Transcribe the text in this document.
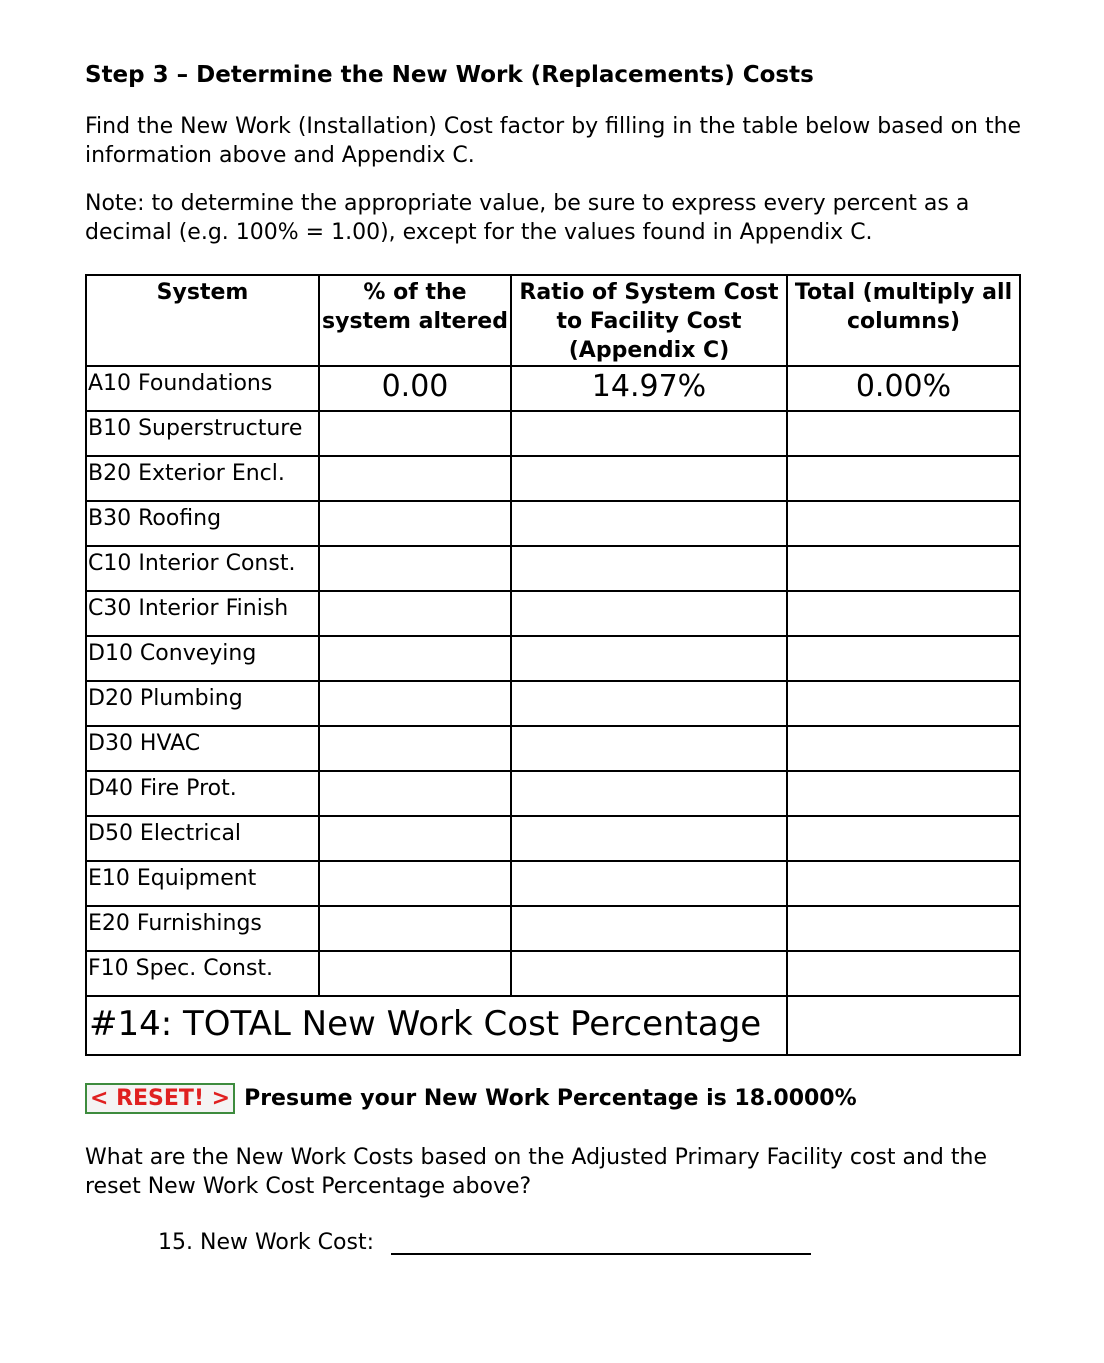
Step 3 – Determine the New Work (Replacements) Costs

Find the New Work (Installation) Cost factor by filling in the table below based on the information above and Appendix C.

Note: to determine the appropriate value, be sure to express every percent as a decimal (e.g. 100% = 1.00), except for the values found in Appendix C.

System	% of the system altered	Ratio of System Cost to Facility Cost (Appendix C)	Total (multiply all columns)
A10 Foundations	0.00	14.97%	0.00%
B10 Superstructure			
B20 Exterior Encl.			
B30 Roofing			
C10 Interior Const.			
C30 Interior Finish			
D10 Conveying			
D20 Plumbing			
D30 HVAC			
D40 Fire Prot.			
D50 Electrical			
E10 Equipment			
E20 Furnishings			
F10 Spec. Const.			
#14: TOTAL New Work Cost Percentage			
< RESET! > Presume your New Work Percentage is 18.0000%

What are the New Work Costs based on the Adjusted Primary Facility cost and the reset New Work Cost Percentage above?

15. New Work Cost:
